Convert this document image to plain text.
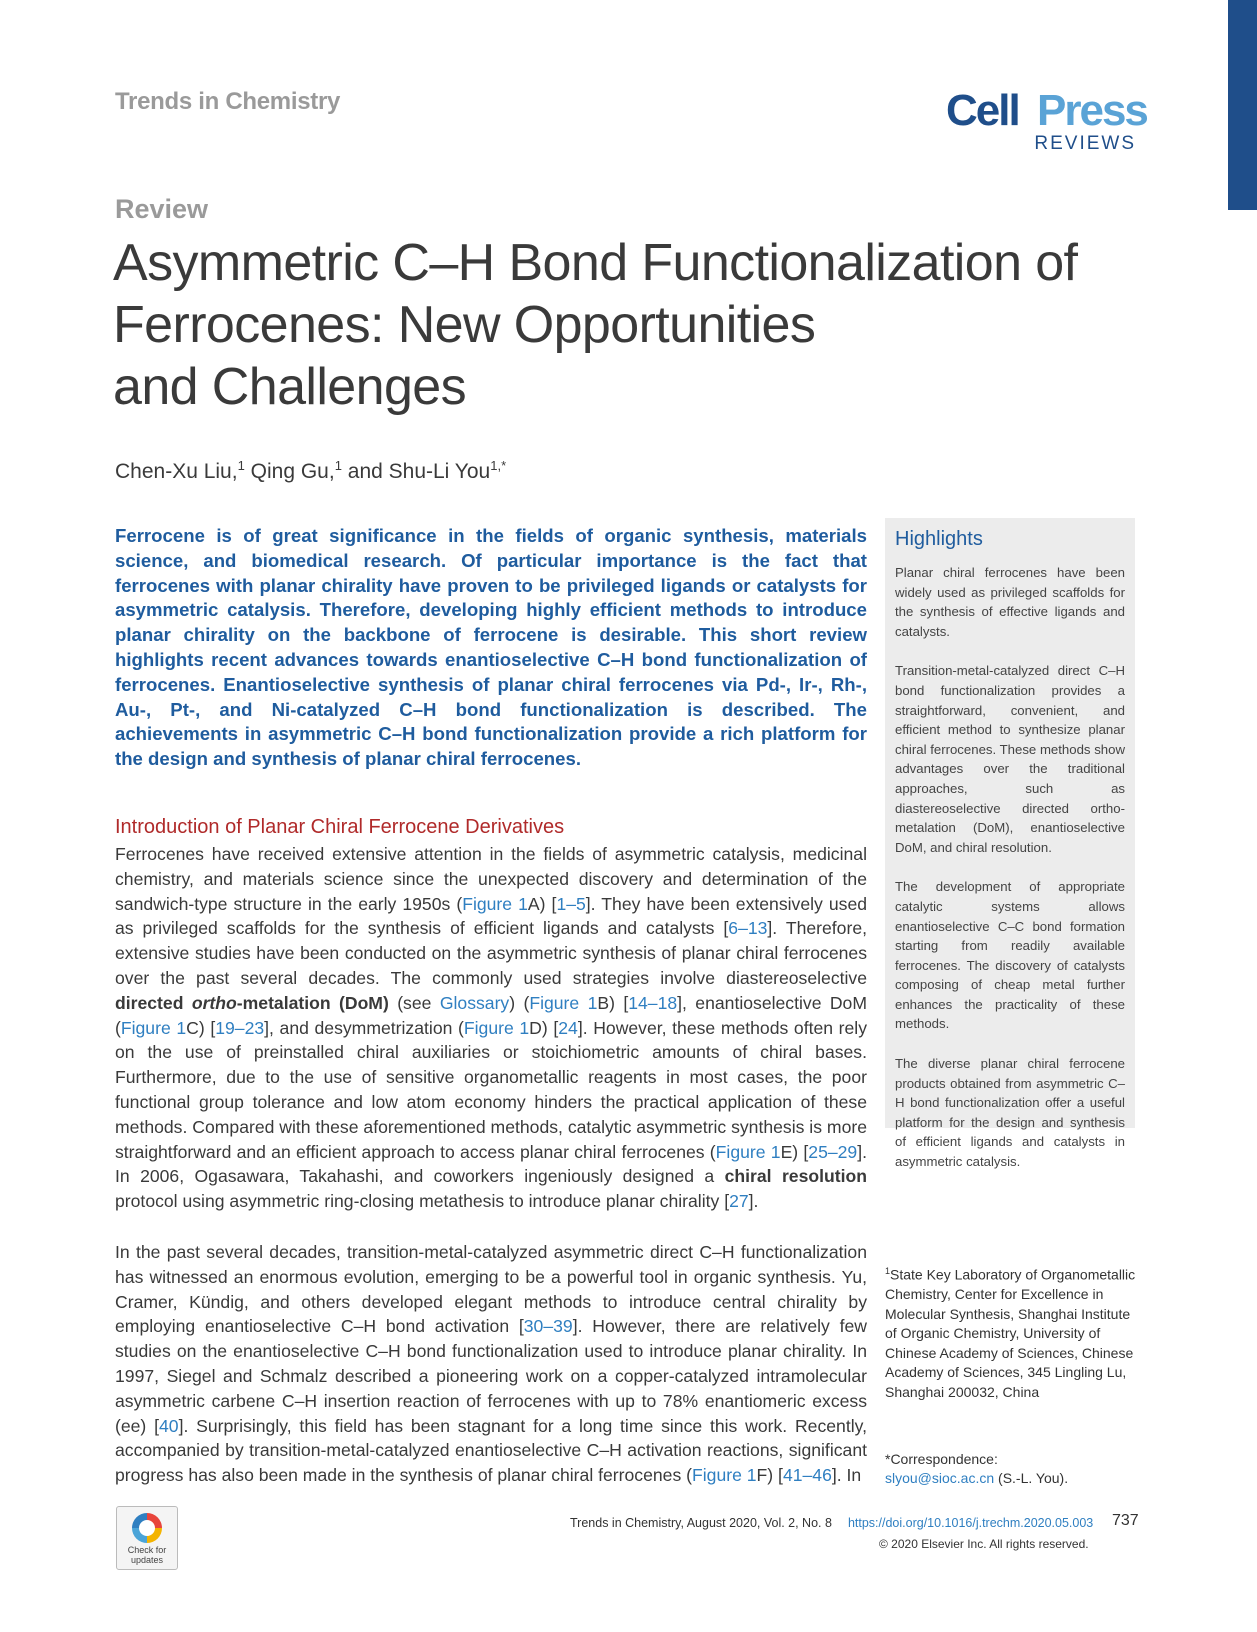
Trends in Chemistry	Cell Press
REVIEWS
Review
Asymmetric C–H Bond Functionalization of
Ferrocenes: New Opportunities
and Challenges
Chen-Xu Liu,$^1$ Qing Gu,$^1$ and Shu-Li You$^{1,*}$

Ferrocene is of great significance in the fields of organic synthesis, materials science, and biomedical research. Of particular importance is the fact that ferrocenes with planar chirality have proven to be privileged ligands or catalysts for asymmetric catalysis. Therefore, developing highly efficient methods to introduce planar chirality on the backbone of ferrocene is desirable. This short review highlights recent advances towards enantioselective C–H bond functionalization of ferrocenes. Enantioselective synthesis of planar chiral ferrocenes via Pd-, Ir-, Rh-, Au-, Pt-, and Ni-catalyzed C–H bond functionalization is described. The achievements in asymmetric C–H bond functionalization provide a rich platform for the design and synthesis of planar chiral ferrocenes.

Highlights

Planar chiral ferrocenes have been widely used as privileged scaffolds for the synthesis of effective ligands and catalysts.

Transition-metal-catalyzed direct C–H bond functionalization provides a straightforward, convenient, and efficient method to synthesize planar chiral ferrocenes. These methods show advantages over the traditional approaches, such as diastereoselective directed ortho-metalation (DoM), enantioselective DoM, and chiral resolution.

The development of appropriate catalytic systems allows enantioselective C–C bond formation starting from readily available ferrocenes. The discovery of catalysts composing of cheap metal further enhances the practicality of these methods.

The diverse planar chiral ferrocene products obtained from asymmetric C–H bond functionalization offer a useful platform for the design and synthesis of efficient ligands and catalysts in asymmetric catalysis.

Introduction of Planar Chiral Ferrocene Derivatives

Ferrocenes have received extensive attention in the fields of asymmetric catalysis, medicinal chemistry, and materials science since the unexpected discovery and determination of the sandwich-type structure in the early 1950s (Figure 1A) [1–5]. They have been extensively used as privileged scaffolds for the synthesis of efficient ligands and catalysts [6–13]. Therefore, extensive studies have been conducted on the asymmetric synthesis of planar chiral ferrocenes over the past several decades. The commonly used strategies involve diastereoselective directed ortho-metalation (DoM) (see Glossary) (Figure 1B) [14–18], enantioselective DoM (Figure 1C) [19–23], and desymmetrization (Figure 1D) [24]. However, these methods often rely on the use of preinstalled chiral auxiliaries or stoichiometric amounts of chiral bases. Furthermore, due to the use of sensitive organometallic reagents in most cases, the poor functional group tolerance and low atom economy hinders the practical application of these methods. Compared with these aforementioned methods, catalytic asymmetric synthesis is more straightforward and an efficient approach to access planar chiral ferrocenes (Figure 1E) [25–29]. In 2006, Ogasawara, Takahashi, and coworkers ingeniously designed a chiral resolution protocol using asymmetric ring-closing metathesis to introduce planar chirality [27].

In the past several decades, transition-metal-catalyzed asymmetric direct C–H functionalization has witnessed an enormous evolution, emerging to be a powerful tool in organic synthesis. Yu, Cramer, Kündig, and others developed elegant methods to introduce central chirality by employing enantioselective C–H bond activation [30–39]. However, there are relatively few studies on the enantioselective C–H bond functionalization used to introduce planar chirality. In 1997, Siegel and Schmalz described a pioneering work on a copper-catalyzed intramolecular asymmetric carbene C–H insertion reaction of ferrocenes with up to 78% enantiomeric excess (ee) [40]. Surprisingly, this field has been stagnant for a long time since this work. Recently, accompanied by transition-metal-catalyzed enantioselective C–H activation reactions, significant progress has also been made in the synthesis of planar chiral ferrocenes (Figure 1F) [41–46]. In

$^1$State Key Laboratory of Organometallic Chemistry, Center for Excellence in Molecular Synthesis, Shanghai Institute of Organic Chemistry, University of Chinese Academy of Sciences, Chinese Academy of Sciences, 345 Lingling Lu, Shanghai 200032, China
*Correspondence:
slyou@sioc.ac.cn (S.-L. You).
Check for
updates
Trends in Chemistry, August 2020, Vol. 2, No. 8 https://doi.org/10.1016/j.trechm.2020.05.003 737
© 2020 Elsevier Inc. All rights reserved.
